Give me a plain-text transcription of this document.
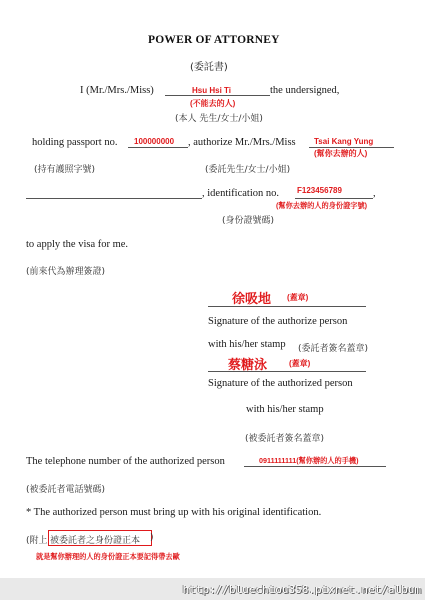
POWER OF ATTORNEY
(委託書)
I (Mr./Mrs./Miss)	Hsu Hsi Ti
(不能去的人)
the undersigned,
(本人 先生/女士/小姐)
holding passport no. 100000000 , authorize Mr./Mrs./Miss Tsai Kang Yung
(幫你去辦的人)
(持有護照字號)	(委託先生/女士/小姐)
, identification no. F123456789	,
(幫你去辦的人的身份證字號)
(身份證號碼)
to apply the visa for me.
(前來代為辦理簽證)
徐吸地 (蓋章)
Signature of the authorize person
with his/her stamp (委託者簽名蓋章)
蔡糖泳	(蓋章)
Signature of the authorized person
with his/her stamp
(被委託者簽名蓋章)
The telephone number of the authorized person	0911111111(幫你辦的人的手機)
(被委託者電話號碼)
* The authorized person must bring up with his original identification.
(附上 被委託者之身份證正本 )
就是幫你辦理的人的身份證正本要記得帶去歐
http://bluechiou358.pixnet.net/album
